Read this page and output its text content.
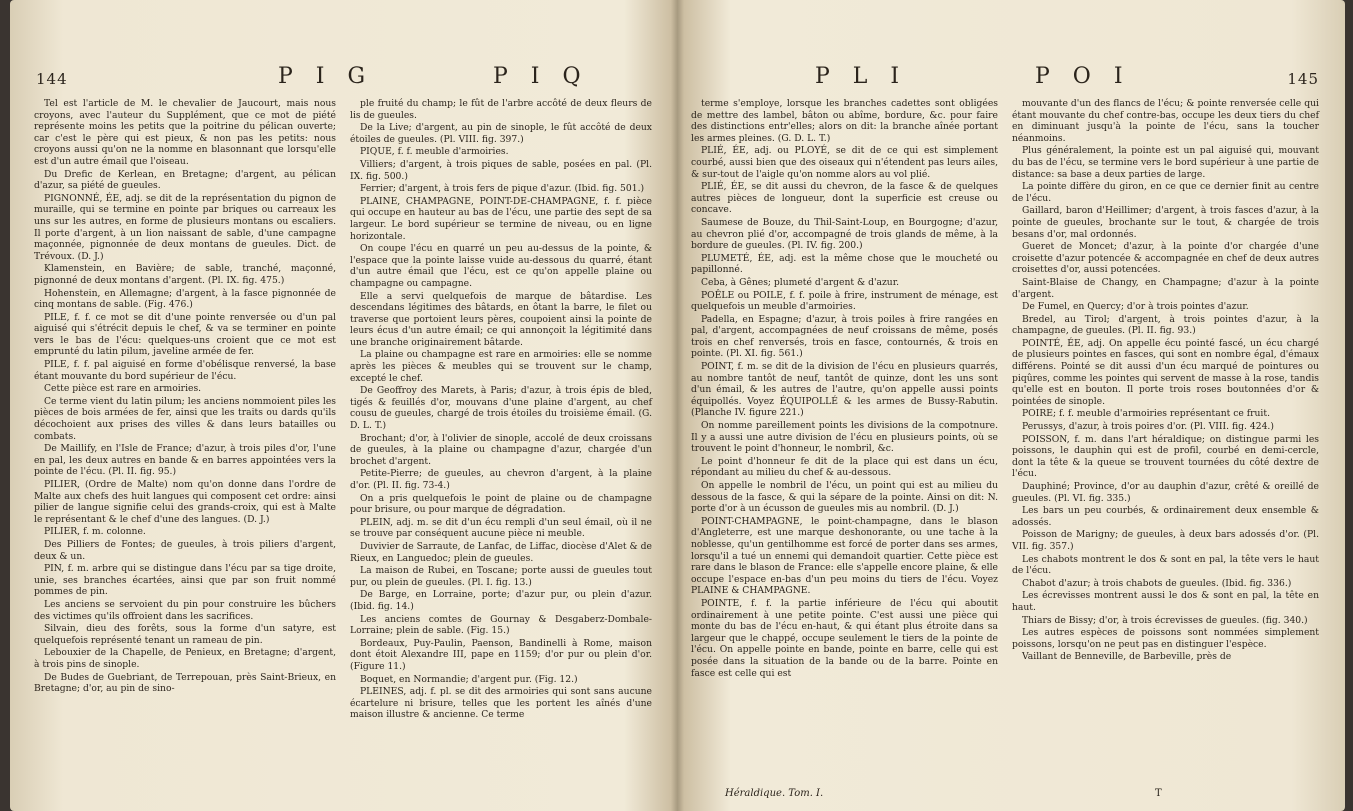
144	P I G	P I Q

Tel est l'article de M. le chevalier de Jaucourt, mais nous croyons, avec l'auteur du Supplément, que ce mot de piété représente moins les petits que la poitrine du pélican ouverte; car c'est le père qui est pieux, & non pas les petits: nous croyons aussi qu'on ne la nomme en blasonnant que lorsqu'elle est d'un autre émail que l'oiseau.

Du Drefic de Kerlean, en Bretagne; d'argent, au pélican d'azur, sa piété de gueules.

PIGNONNÉ, ÉE, adj. se dit de la représentation du pignon de muraille, qui se termine en pointe par briques ou carreaux les uns sur les autres, en forme de plusieurs montans ou escaliers. Il porte d'argent, à un lion naissant de sable, d'une campagne maçonnée, pignonnée de deux montans de gueules. Dict. de Trévoux. (D. J.)

Klamenstein, en Bavière; de sable, tranché, maçonné, pignonné de deux montans d'argent. (Pl. IX. fig. 475.)

Hohenstein, en Allemagne; d'argent, à la fasce pignonnée de cinq montans de sable. (Fig. 476.)

PILE, f. f. ce mot se dit d'une pointe renversée ou d'un pal aiguisé qui s'étrécit depuis le chef, & va se terminer en pointe vers le bas de l'écu: quelques-uns croient que ce mot est emprunté du latin pilum, javeline armée de fer.

PILE, f. f. pal aiguisé en forme d'obélisque renversé, la base étant mouvante du bord supérieur de l'écu.

Cette pièce est rare en armoiries.

Ce terme vient du latin pilum; les anciens nommoient piles les pièces de bois armées de fer, ainsi que les traits ou dards qu'ils décochoient aux prises des villes & dans leurs batailles ou combats.

De Maillify, en l'Isle de France; d'azur, à trois piles d'or, l'une en pal, les deux autres en bande & en barres appointées vers la pointe de l'écu. (Pl. II. fig. 95.)

PILIER, (Ordre de Malte) nom qu'on donne dans l'ordre de Malte aux chefs des huit langues qui composent cet ordre: ainsi pilier de langue signifie celui des grands-croix, qui est à Malte le représentant & le chef d'une des langues. (D. J.)

PILIER, f. m. colonne.

Des Pilliers de Fontes; de gueules, à trois piliers d'argent, deux & un.

PIN, f. m. arbre qui se distingue dans l'écu par sa tige droite, unie, ses branches écartées, ainsi que par son fruit nommé pommes de pin.

Les anciens se servoient du pin pour construire les bûchers des victimes qu'ils offroient dans les sacrifices.

Silvain, dieu des forêts, sous la forme d'un satyre, est quelquefois représenté tenant un rameau de pin.

Lebouxier de la Chapelle, de Penieux, en Bretagne; d'argent, à trois pins de sinople.

De Budes de Guebriant, de Terrepouan, près Saint-Brieux, en Bretagne; d'or, au pin de sino-

ple fruité du champ; le fût de l'arbre accôté de deux fleurs de lis de gueules.

De la Live; d'argent, au pin de sinople, le fût accôté de deux étoiles de gueules. (Pl. VIII. fig. 397.)

PIQUE, f. f. meuble d'armoiries.

Villiers; d'argent, à trois piques de sable, posées en pal. (Pl. IX. fig. 500.)

Ferrier; d'argent, à trois fers de pique d'azur. (Ibid. fig. 501.)

PLAINE, CHAMPAGNE, POINT-DE-CHAMPAGNE, f. f. pièce qui occupe en hauteur au bas de l'écu, une partie des sept de sa largeur. Le bord supérieur se termine de niveau, ou en ligne horizontale.

On coupe l'écu en quarré un peu au-dessus de la pointe, & l'espace que la pointe laisse vuide au-dessous du quarré, étant d'un autre émail que l'écu, est ce qu'on appelle plaine ou champagne ou campagne.

Elle a servi quelquefois de marque de bâtardise. Les descendans légitimes des bâtards, en ôtant la barre, le filet ou traverse que portoient leurs pères, coupoient ainsi la pointe de leurs écus d'un autre émail; ce qui annonçoit la légitimité dans une branche originairement bâtarde.

La plaine ou champagne est rare en armoiries: elle se nomme après les pièces & meubles qui se trouvent sur le champ, excepté le chef.

De Geoffroy des Marets, à Paris; d'azur, à trois épis de bled, tigés & feuillés d'or, mouvans d'une plaine d'argent, au chef cousu de gueules, chargé de trois étoiles du troisième émail. (G. D. L. T.)

Brochant; d'or, à l'olivier de sinople, accolé de deux croissans de gueules, à la plaine ou champagne d'azur, chargée d'un brochet d'argent.

Petite-Pierre; de gueules, au chevron d'argent, à la plaine d'or. (Pl. II. fig. 73-4.)

On a pris quelquefois le point de plaine ou de champagne pour brisure, ou pour marque de dégradation.

PLEIN, adj. m. se dit d'un écu rempli d'un seul émail, où il ne se trouve par conséquent aucune pièce ni meuble.

Duvivier de Sarraute, de Lanfac, de Liffac, diocèse d'Alet & de Rieux, en Languedoc; plein de gueules.

La maison de Rubei, en Toscane; porte aussi de gueules tout pur, ou plein de gueules. (Pl. I. fig. 13.)

De Barge, en Lorraine, porte; d'azur pur, ou plein d'azur. (Ibid. fig. 14.)

Les anciens comtes de Gournay & Desgaberz-Dombale-Lorraine; plein de sable. (Fig. 15.)

Bordeaux, Puy-Paulin, Paenson, Bandinelli à Rome, maison dont étoit Alexandre III, pape en 1159; d'or pur ou plein d'or. (Figure 11.)

Boquet, en Normandie; d'argent pur. (Fig. 12.)

PLEINES, adj. f. pl. se dit des armoiries qui sont sans aucune écartelure ni brisure, telles que les portent les aînés d'une maison illustre & ancienne. Ce terme

P L I	P O I	145

terme s'employe, lorsque les branches cadettes sont obligées de mettre des lambel, bâton ou abîme, bordure, &c. pour faire des distinctions entr'elles; alors on dit: la branche aînée portant les armes pleines. (G. D. L. T.)

PLIÉ, ÉE, adj. ou PLOYÉ, se dit de ce qui est simplement courbé, aussi bien que des oiseaux qui n'étendent pas leurs ailes, & sur-tout de l'aigle qu'on nomme alors au vol plié.

PLIÉ, ÉE, se dit aussi du chevron, de la fasce & de quelques autres pièces de longueur, dont la superficie est creuse ou concave.

Saumese de Bouze, du Thil-Saint-Loup, en Bourgogne; d'azur, au chevron plié d'or, accompagné de trois glands de même, à la bordure de gueules. (Pl. IV. fig. 200.)

PLUMETÉ, ÉE, adj. est la même chose que le moucheté ou papillonné.

Ceba, à Gênes; plumeté d'argent & d'azur.

POÊLE ou POILE, f. f. poile à frire, instrument de ménage, est quelquefois un meuble d'armoiries.

Padella, en Espagne; d'azur, à trois poiles à frire rangées en pal, d'argent, accompagnées de neuf croissans de même, posés trois en chef renversés, trois en fasce, contournés, & trois en pointe. (Pl. XI. fig. 561.)

POINT, f. m. se dit de la division de l'écu en plusieurs quarrés, au nombre tantôt de neuf, tantôt de quinze, dont les uns sont d'un émail, & les autres de l'autre, qu'on appelle aussi points équipollés. Voyez ÉQUIPOLLÉ & les armes de Bussy-Rabutin. (Planche IV. figure 221.)

On nomme pareillement points les divisions de la compotnure. Il y a aussi une autre division de l'écu en plusieurs points, où se trouvent le point d'honneur, le nombril, &c.

Le point d'honneur fe dit de la place qui est dans un écu, répondant au milieu du chef & au-dessous.

On appelle le nombril de l'écu, un point qui est au milieu du dessous de la fasce, & qui la sépare de la pointe. Ainsi on dit: N. porte d'or à un écusson de gueules mis au nombril. (D. J.)

POINT-CHAMPAGNE, le point-champagne, dans le blason d'Angleterre, est une marque deshonorante, ou une tache à la noblesse, qu'un gentilhomme est forcé de porter dans ses armes, lorsqu'il a tué un ennemi qui demandoit quartier. Cette pièce est rare dans le blason de France: elle s'appelle encore plaine, & elle occupe l'espace en-bas d'un peu moins du tiers de l'écu. Voyez PLAINE & CHAMPAGNE.

POINTE, f. f. la partie inférieure de l'écu qui aboutit ordinairement à une petite pointe. C'est aussi une pièce qui monte du bas de l'écu en-haut, & qui étant plus étroite dans sa largeur que le chappé, occupe seulement le tiers de la pointe de l'écu. On appelle pointe en bande, pointe en barre, celle qui est posée dans la situation de la bande ou de la barre. Pointe en fasce est celle qui est

mouvante d'un des flancs de l'écu; & pointe renversée celle qui étant mouvante du chef contre-bas, occupe les deux tiers du chef en diminuant jusqu'à la pointe de l'écu, sans la toucher néanmoins.

Plus généralement, la pointe est un pal aiguisé qui, mouvant du bas de l'écu, se termine vers le bord supérieur à une partie de distance: sa base a deux parties de large.

La pointe diffère du giron, en ce que ce dernier finit au centre de l'écu.

Gaillard, baron d'Heillimer; d'argent, à trois fasces d'azur, à la pointe de gueules, brochante sur le tout, & chargée de trois besans d'or, mal ordonnés.

Gueret de Moncet; d'azur, à la pointe d'or chargée d'une croisette d'azur potencée & accompagnée en chef de deux autres croisettes d'or, aussi potencées.

Saint-Blaise de Changy, en Champagne; d'azur à la pointe d'argent.

De Fumel, en Quercy; d'or à trois pointes d'azur.

Bredel, au Tirol; d'argent, à trois pointes d'azur, à la champagne, de gueules. (Pl. II. fig. 93.)

POINTÉ, ÉE, adj. On appelle écu pointé fascé, un écu chargé de plusieurs pointes en fasces, qui sont en nombre égal, d'émaux différens. Pointé se dit aussi d'un écu marqué de pointures ou piqûres, comme les pointes qui servent de masse à la rose, tandis qu'elle est en bouton. Il porte trois roses boutonnées d'or & pointées de sinople.

POIRE; f. f. meuble d'armoiries représentant ce fruit.

Perussys, d'azur, à trois poires d'or. (Pl. VIII. fig. 424.)

POISSON, f. m. dans l'art héraldique; on distingue parmi les poissons, le dauphin qui est de profil, courbé en demi-cercle, dont la tête & la queue se trouvent tournées du côté dextre de l'écu.

Dauphiné; Province, d'or au dauphin d'azur, crêté & oreillé de gueules. (Pl. VI. fig. 335.)

Les bars un peu courbés, & ordinairement deux ensemble & adossés.

Poisson de Marigny; de gueules, à deux bars adossés d'or. (Pl. VII. fig. 357.)

Les chabots montrent le dos & sont en pal, la tête vers le haut de l'écu.

Chabot d'azur; à trois chabots de gueules. (Ibid. fig. 336.)

Les écrevisses montrent aussi le dos & sont en pal, la tête en haut.

Thiars de Bissy; d'or, à trois écrevisses de gueules. (fig. 340.)

Les autres espèces de poissons sont nommées simplement poissons, lorsqu'on ne peut pas en distinguer l'espèce.

Vaillant de Benneville, de Barbeville, près de

Héraldique. Tom. I.	T
